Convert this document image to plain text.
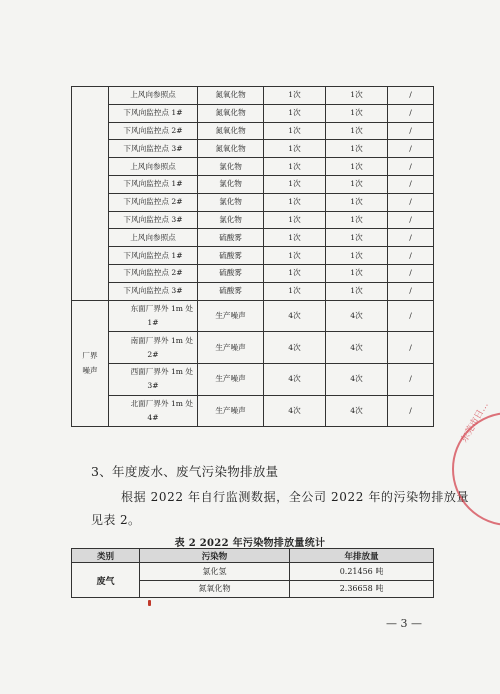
	上风向参照点	氮氧化物	1次	1次	/
	下风向监控点 1#	氮氧化物	1次	1次	/
	下风向监控点 2#	氮氧化物	1次	1次	/
	下风向监控点 3#	氮氧化物	1次	1次	/
	上风向参照点	氯化物	1次	1次	/
	下风向监控点 1#	氯化物	1次	1次	/
	下风向监控点 2#	氯化物	1次	1次	/
	下风向监控点 3#	氯化物	1次	1次	/
	上风向参照点	硫酸雾	1次	1次	/
	下风向监控点 1#	硫酸雾	1次	1次	/
	下风向监控点 2#	硫酸雾	1次	1次	/
	下风向监控点 3#	硫酸雾	1次	1次	/
厂界噪声	东面厂界外 1m 处
1#	生产噪声	4次	4次	/

	南面厂界外 1m 处
2#	生产噪声	4次	4次	/

	西面厂界外 1m 处
3#	生产噪声	4次	4次	/

	北面厂界外 1m 处
4#	生产噪声	4次	4次	/
3、年度废水、废气污染物排放量
根据 2022 年自行监测数据，全公司 2022 年的污染物排放量
见表 2。
表 2 2022 年污染物排放量统计
类别	污染物	年排放量
废气	氯化氢	0.21456 吨
	氮氧化物	2.36658 吨
— 3 —
东莞市日…
